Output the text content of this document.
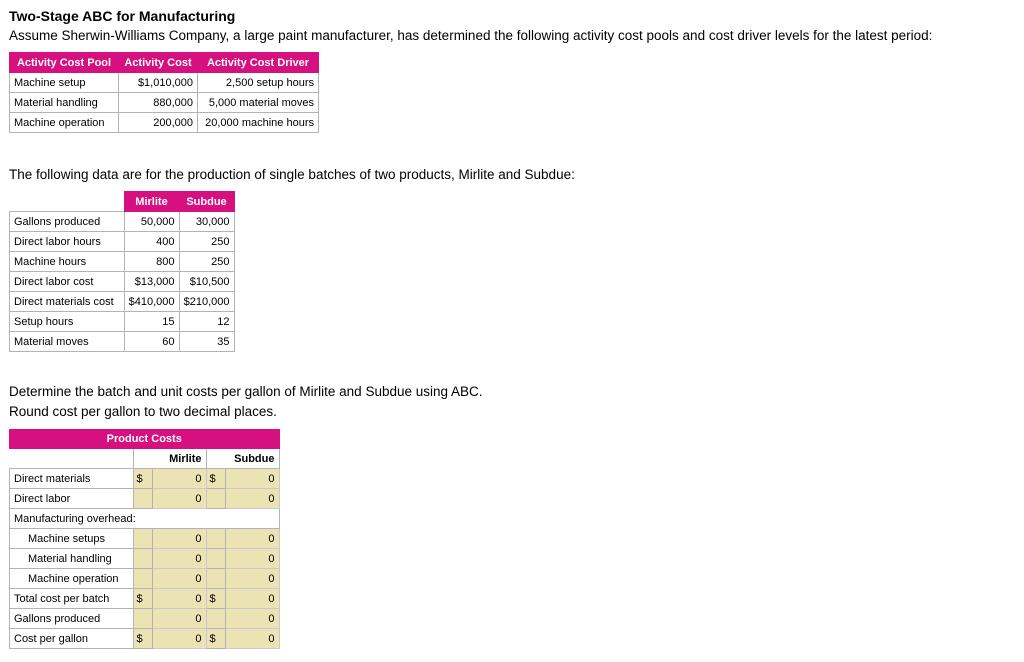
Two-Stage ABC for Manufacturing
Assume Sherwin-Williams Company, a large paint manufacturer, has determined the following activity cost pools and cost driver levels for the latest period:
Activity Cost Pool	Activity Cost	Activity Cost Driver
Machine setup	$1,010,000	2,500 setup hours
Material handling	880,000	5,000 material moves
Machine operation	200,000	20,000 machine hours
The following data are for the production of single batches of two products, Mirlite and Subdue:
	Mirlite	Subdue
Gallons produced	50,000	30,000
Direct labor hours	400	250
Machine hours	800	250
Direct labor cost	$13,000	$10,500
Direct materials cost	$410,000	$210,000
Setup hours	15	12
Material moves	60	35
Determine the batch and unit costs per gallon of Mirlite and Subdue using ABC.
Round cost per gallon to two decimal places.
Product Costs				
	Mirlite		Subdue	
Direct materials	$	0	$	0
Direct labor		0		0
Manufacturing overhead:				
Machine setups		0		0
Material handling		0		0
Machine operation		0		0
Total cost per batch	$	0	$	0
Gallons produced		0		0
Cost per gallon	$	0	$	0
